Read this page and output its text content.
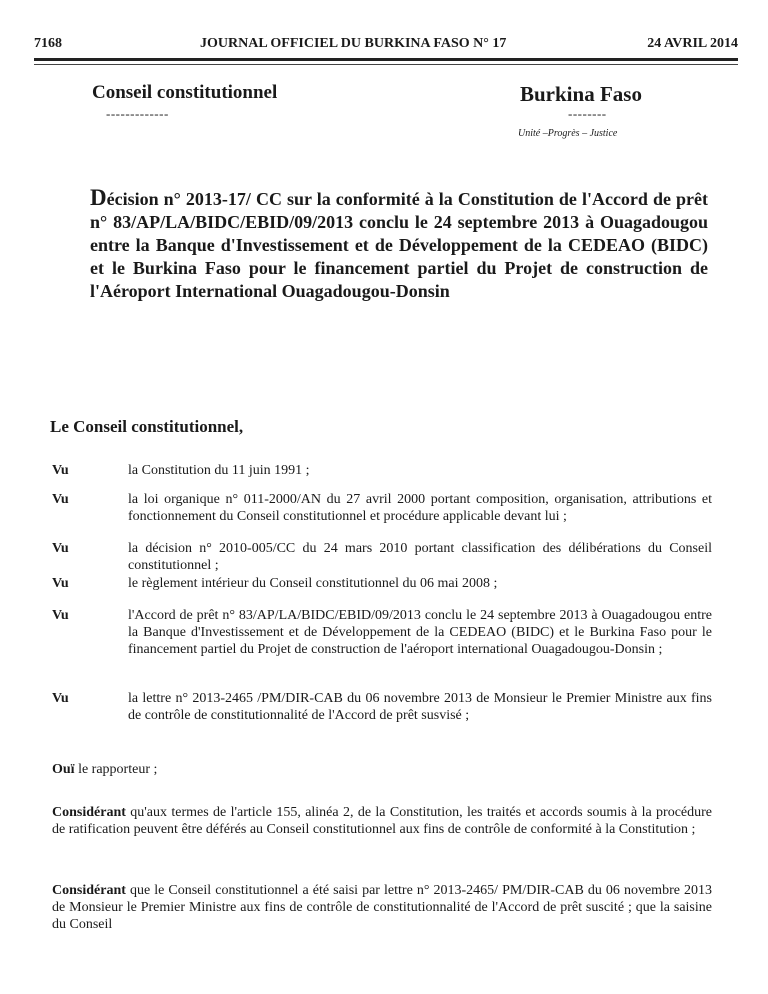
7168	JOURNAL OFFICIEL DU BURKINA FASO N° 17	24 AVRIL 2014
Conseil constitutionnel
-------------
Burkina Faso
--------
Unité –Progrès – Justice
Décision n° 2013-17/ CC sur la conformité à la Constitution de l'Accord de prêt n° 83/AP/LA/BIDC/EBID/09/2013 conclu le 24 septembre 2013 à Ouagadougou entre la Banque d'Investissement et de Développement de la CEDEAO (BIDC) et le Burkina Faso pour le financement partiel du Projet de construction de l'Aéroport International Ouagadougou-Donsin
Le Conseil constitutionnel,
Vu	la Constitution du 11 juin 1991 ;
Vu	la loi organique n° 011-2000/AN du 27 avril 2000 portant composition, organisation, attributions et fonctionnement du Conseil constitutionnel et procédure applicable devant lui ;
Vu	la décision n° 2010-005/CC du 24 mars 2010 portant classification des délibérations du Conseil constitutionnel ;
Vu	le règlement intérieur du Conseil constitutionnel du 06 mai 2008 ;
Vu	l'Accord de prêt n° 83/AP/LA/BIDC/EBID/09/2013 conclu le 24 septembre 2013 à Ouagadougou entre la Banque d'Investissement et de Développement de la CEDEAO (BIDC) et le Burkina Faso pour le financement partiel du Projet de construction de l'aéroport international Ouagadougou-Donsin ;
Vu	la lettre n° 2013-2465 /PM/DIR-CAB du 06 novembre 2013 de Monsieur le Premier Ministre aux fins de contrôle de constitutionnalité de l'Accord de prêt susvisé ;
Ouï le rapporteur ;
Considérant qu'aux termes de l'article 155, alinéa 2, de la Constitution, les traités et accords soumis à la procédure de ratification peuvent être déférés au Conseil constitutionnel aux fins de contrôle de conformité à la Constitution ;
Considérant que le Conseil constitutionnel a été saisi par lettre n° 2013-2465/ PM/DIR-CAB du 06 novembre 2013 de Monsieur le Premier Ministre aux fins de contrôle de constitutionnalité de l'Accord de prêt suscité ; que la saisine du Conseil
